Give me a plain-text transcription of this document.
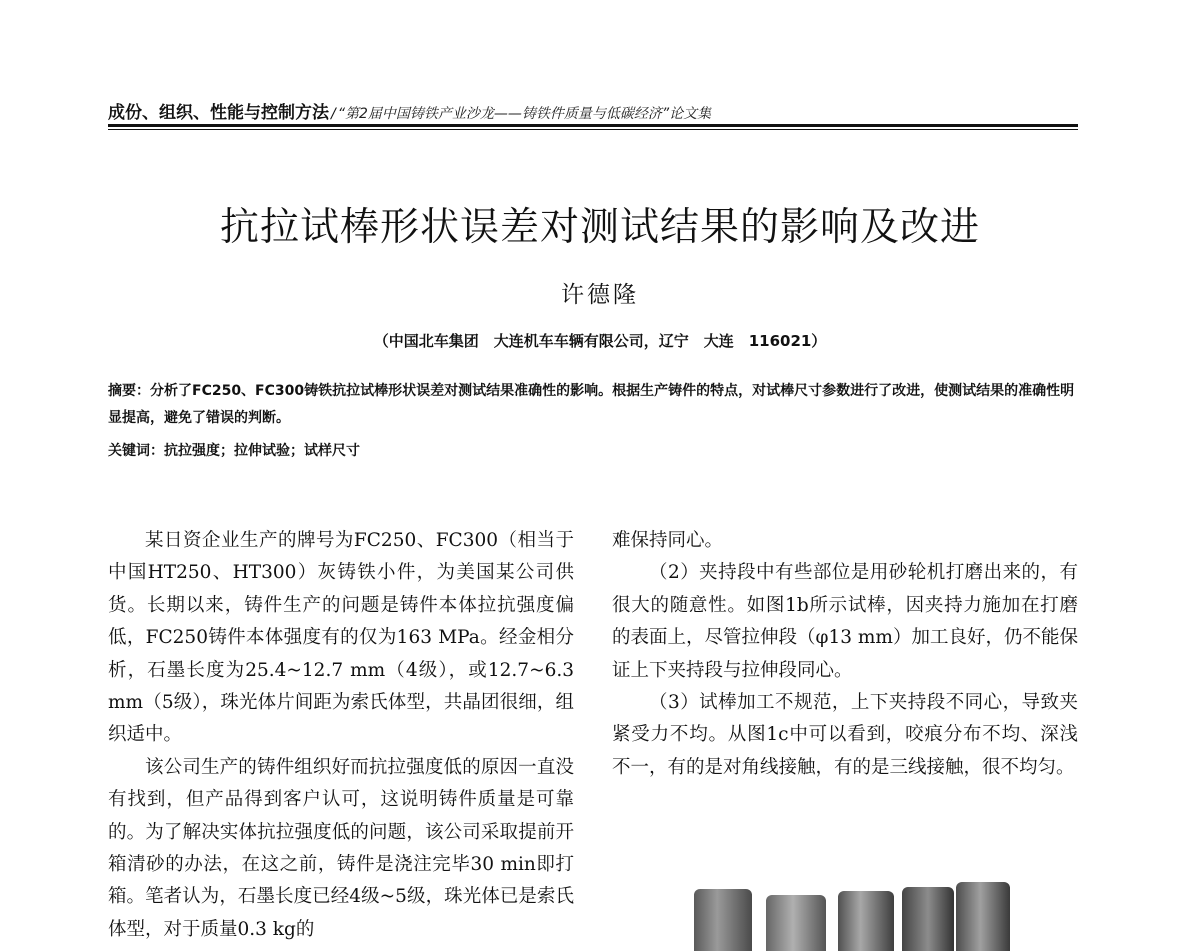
成份、组织、性能与控制方法 / “第2届中国铸铁产业沙龙——铸铁件质量与低碳经济”论文集
抗拉试棒形状误差对测试结果的影响及改进
许德隆
（中国北车集团　大连机车车辆有限公司，辽宁　大连　116021）
摘要：分析了FC250、FC300铸铁抗拉试棒形状误差对测试结果准确性的影响。根据生产铸件的特点，对试棒尺寸参数进行了改进，使测试结果的准确性明显提高，避免了错误的判断。
关键词：抗拉强度；拉伸试验；试样尺寸

某日资企业生产的牌号为FC250、FC300（相当于中国HT250、HT300）灰铸铁小件，为美国某公司供货。长期以来，铸件生产的问题是铸件本体拉抗强度偏低，FC250铸件本体强度有的仅为163 MPa。经金相分析，石墨长度为25.4~12.7 mm（4级），或12.7~6.3 mm（5级），珠光体片间距为索氏体型，共晶团很细，组织适中。

该公司生产的铸件组织好而抗拉强度低的原因一直没有找到，但产品得到客户认可，这说明铸件质量是可靠的。为了解决实体抗拉强度低的问题，该公司采取提前开箱清砂的办法，在这之前，铸件是浇注完毕30 min即打箱。笔者认为，石墨长度已经4级~5级，珠光体已是索氏体型，对于质量0.3 kg的

难保持同心。

（2）夹持段中有些部位是用砂轮机打磨出来的，有很大的随意性。如图1b所示试棒，因夹持力施加在打磨的表面上，尽管拉伸段（φ13 mm）加工良好，仍不能保证上下夹持段与拉伸段同心。

（3）试棒加工不规范，上下夹持段不同心，导致夹紧受力不均。从图1c中可以看到，咬痕分布不均、深浅不一，有的是对角线接触，有的是三线接触，很不均匀。
